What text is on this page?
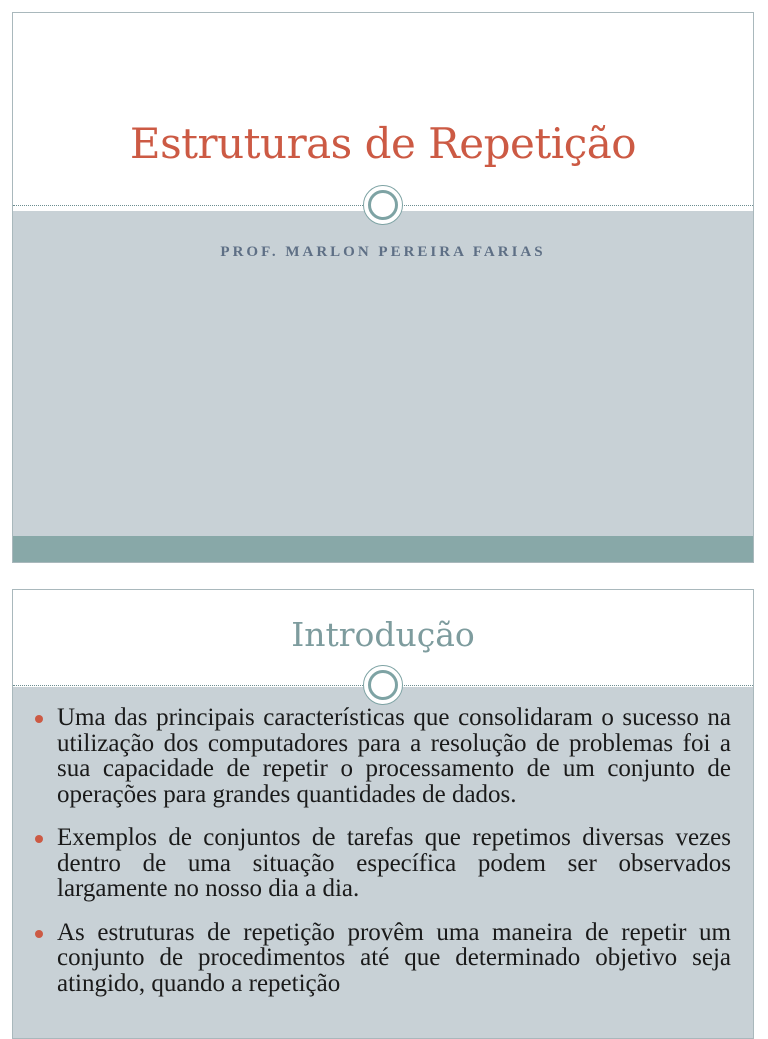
Estruturas de Repetição
PROF. MARLON PEREIRA FARIAS
Introdução
Uma das principais características que consolidaram o sucesso na utilização dos computadores para a resolução de problemas foi a sua capacidade de repetir o processamento de um conjunto de operações para grandes quantidades de dados.
Exemplos de conjuntos de tarefas que repetimos diversas vezes dentro de uma situação específica podem ser observados largamente no nosso dia a dia.
As estruturas de repetição provêm uma maneira de repetir um conjunto de procedimentos até que determinado objetivo seja atingido, quando a repetição
